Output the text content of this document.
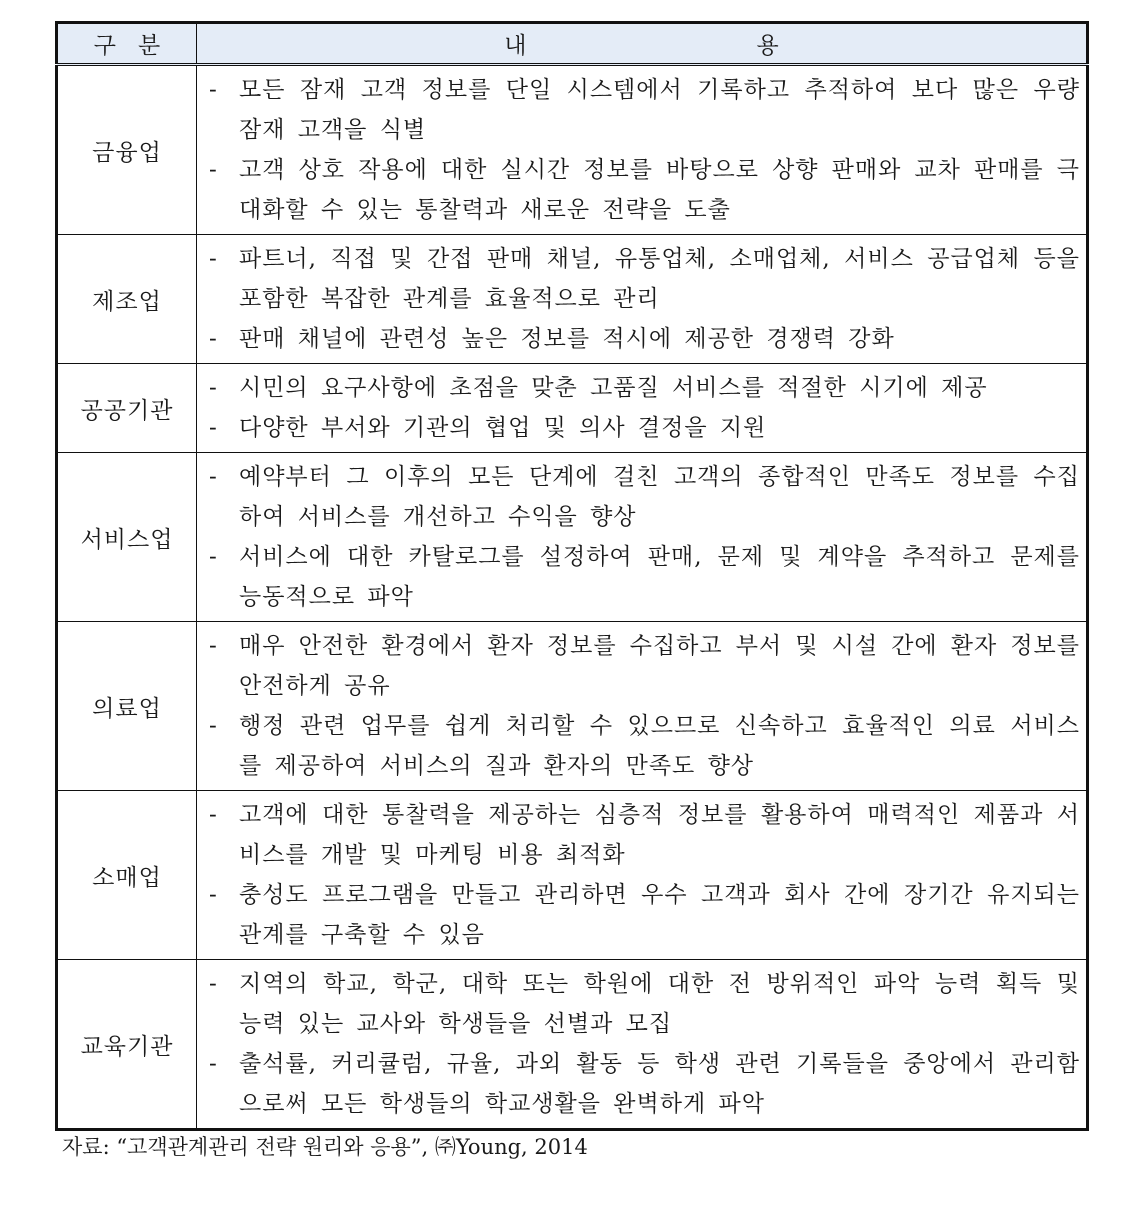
구분	내용
금융업	- 모든 잠재 고객 정보를 단일 시스템에서 기록하고 추적하여 보다 많은 우량 잠재 고객을 식별
- 고객 상호 작용에 대한 실시간 정보를 바탕으로 상향 판매와 교차 판매를 극대화할 수 있는 통찰력과 새로운 전략을 도출

제조업	- 파트너, 직접 및 간접 판매 채널, 유통업체, 소매업체, 서비스 공급업체 등을 포함한 복잡한 관계를 효율적으로 관리
- 판매 채널에 관련성 높은 정보를 적시에 제공한 경쟁력 강화

공공기관	- 시민의 요구사항에 초점을 맞춘 고품질 서비스를 적절한 시기에 제공
- 다양한 부서와 기관의 협업 및 의사 결정을 지원

서비스업	- 예약부터 그 이후의 모든 단계에 걸친 고객의 종합적인 만족도 정보를 수집하여 서비스를 개선하고 수익을 향상
- 서비스에 대한 카탈로그를 설정하여 판매, 문제 및 계약을 추적하고 문제를 능동적으로 파악

의료업	- 매우 안전한 환경에서 환자 정보를 수집하고 부서 및 시설 간에 환자 정보를 안전하게 공유
- 행정 관련 업무를 쉽게 처리할 수 있으므로 신속하고 효율적인 의료 서비스를 제공하여 서비스의 질과 환자의 만족도 향상

소매업	- 고객에 대한 통찰력을 제공하는 심층적 정보를 활용하여 매력적인 제품과 서비스를 개발 및 마케팅 비용 최적화
- 충성도 프로그램을 만들고 관리하면 우수 고객과 회사 간에 장기간 유지되는 관계를 구축할 수 있음

교육기관	- 지역의 학교, 학군, 대학 또는 학원에 대한 전 방위적인 파악 능력 획득 및 능력 있는 교사와 학생들을 선별과 모집
- 출석률, 커리큘럼, 규율, 과외 활동 등 학생 관련 기록들을 중앙에서 관리함으로써 모든 학생들의 학교생활을 완벽하게 파악
자료: “고객관계관리 전략 원리와 응용”, ㈜Young, 2014
